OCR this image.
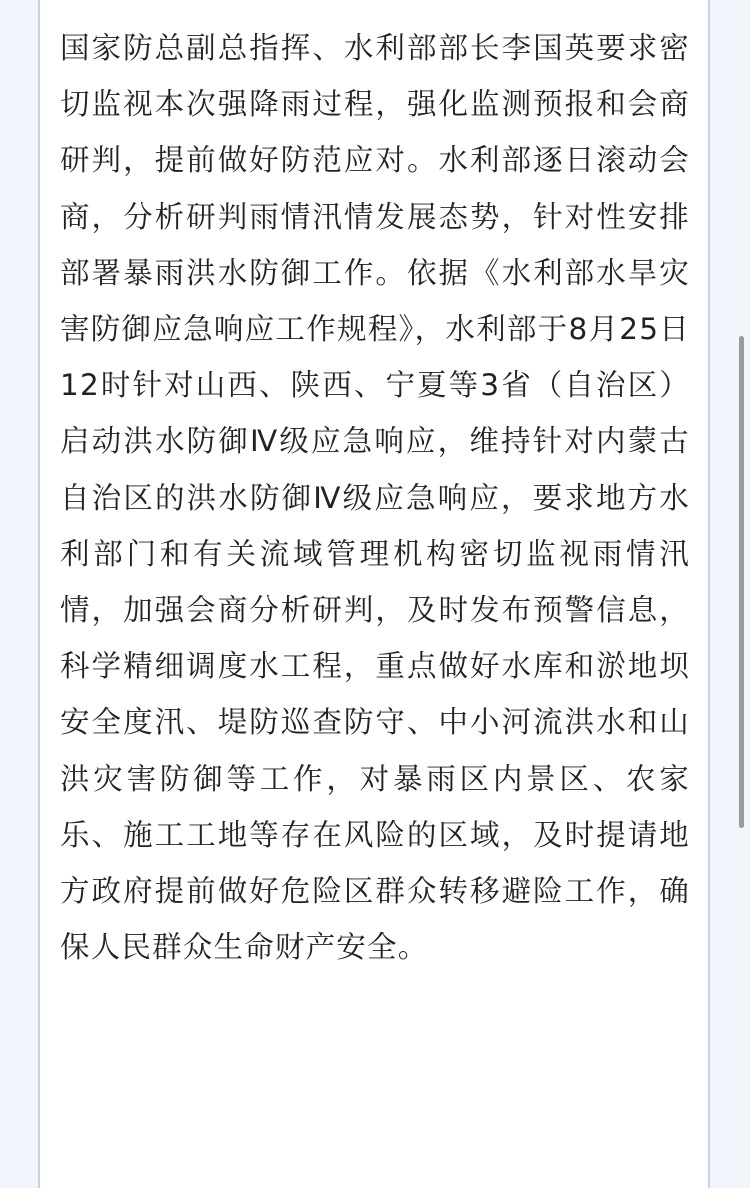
国家防总副总指挥、水利部部长李国英要求密切监视本次强降雨过程，强化监测预报和会商研判，提前做好防范应对。水利部逐日滚动会商，分析研判雨情汛情发展态势，针对性安排部署暴雨洪水防御工作。依据《水利部水旱灾害防御应急响应工作规程》，水利部于8月25日12时针对山西、陕西、宁夏等3省（自治区）启动洪水防御Ⅳ级应急响应，维持针对内蒙古自治区的洪水防御Ⅳ级应急响应，要求地方水利部门和有关流域管理机构密切监视雨情汛情，加强会商分析研判，及时发布预警信息，科学精细调度水工程，重点做好水库和淤地坝安全度汛、堤防巡查防守、中小河流洪水和山洪灾害防御等工作，对暴雨区内景区、农家乐、施工工地等存在风险的区域，及时提请地方政府提前做好危险区群众转移避险工作，确保人民群众生命财产安全。
